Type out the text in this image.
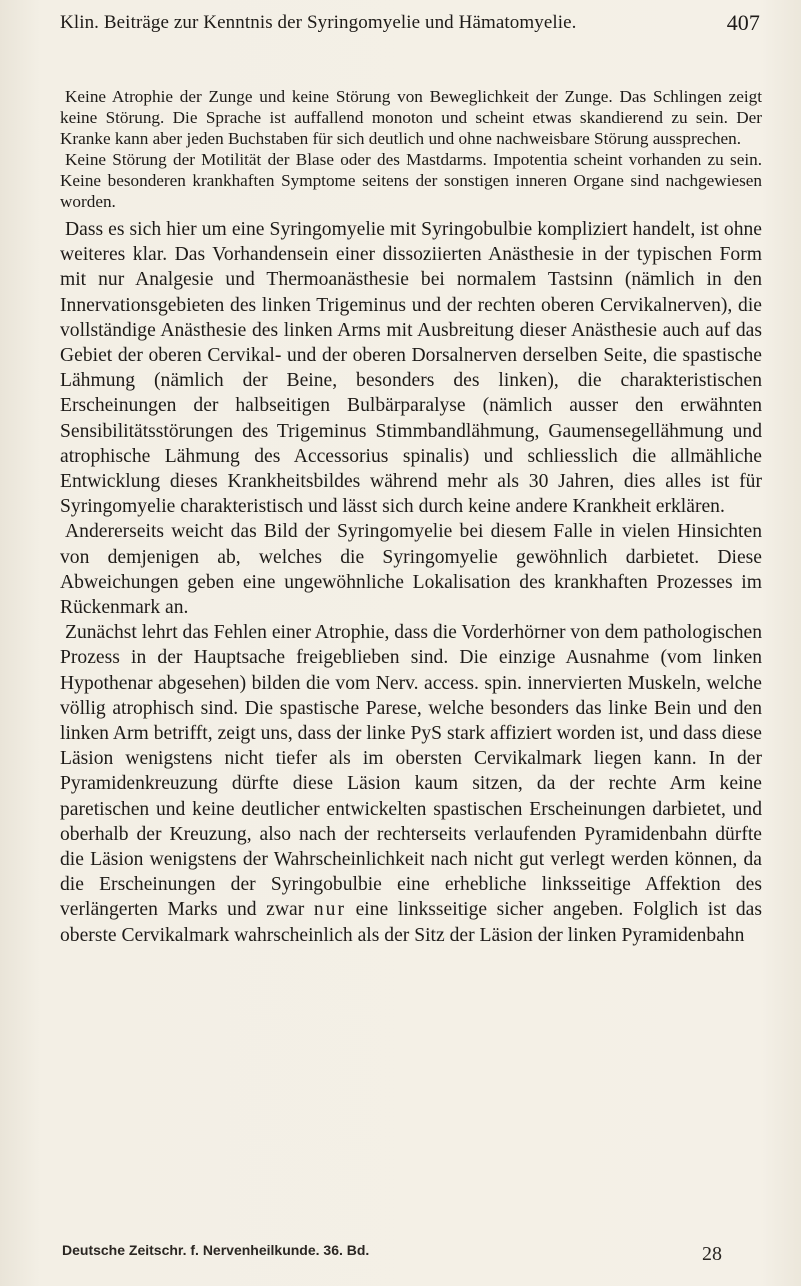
Klin. Beiträge zur Kenntnis der Syringomyelie und Hämatomyelie.	407

Keine Atrophie der Zunge und keine Störung von Beweglichkeit der Zunge. Das Schlingen zeigt keine Störung. Die Sprache ist auffallend monoton und scheint etwas skandierend zu sein. Der Kranke kann aber jeden Buchstaben für sich deutlich und ohne nachweisbare Störung aussprechen.

Keine Störung der Motilität der Blase oder des Mastdarms. Impotentia scheint vorhanden zu sein. Keine besonderen krankhaften Symptome seitens der sonstigen inneren Organe sind nachgewiesen worden.

Dass es sich hier um eine Syringomyelie mit Syringobulbie kompliziert handelt, ist ohne weiteres klar. Das Vorhandensein einer dissoziierten Anästhesie in der typischen Form mit nur Analgesie und Thermoanästhesie bei normalem Tastsinn (nämlich in den Innervationsgebieten des linken Trigeminus und der rechten oberen Cervikalnerven), die vollständige Anästhesie des linken Arms mit Ausbreitung dieser Anästhesie auch auf das Gebiet der oberen Cervikal- und der oberen Dorsalnerven derselben Seite, die spastische Lähmung (nämlich der Beine, besonders des linken), die charakteristischen Erscheinungen der halbseitigen Bulbärparalyse (nämlich ausser den erwähnten Sensibilitätsstörungen des Trigeminus Stimmbandlähmung, Gaumensegellähmung und atrophische Lähmung des Accessorius spinalis) und schliesslich die allmähliche Entwicklung dieses Krankheitsbildes während mehr als 30 Jahren, dies alles ist für Syringomyelie charakteristisch und lässt sich durch keine andere Krankheit erklären.

Andererseits weicht das Bild der Syringomyelie bei diesem Falle in vielen Hinsichten von demjenigen ab, welches die Syringomyelie gewöhnlich darbietet. Diese Abweichungen geben eine ungewöhnliche Lokalisation des krankhaften Prozesses im Rückenmark an.

Zunächst lehrt das Fehlen einer Atrophie, dass die Vorderhörner von dem pathologischen Prozess in der Hauptsache freigeblieben sind. Die einzige Ausnahme (vom linken Hypothenar abgesehen) bilden die vom Nerv. access. spin. innervierten Muskeln, welche völlig atrophisch sind. Die spastische Parese, welche besonders das linke Bein und den linken Arm betrifft, zeigt uns, dass der linke PyS stark affiziert worden ist, und dass diese Läsion wenigstens nicht tiefer als im obersten Cervikalmark liegen kann. In der Pyramidenkreuzung dürfte diese Läsion kaum sitzen, da der rechte Arm keine paretischen und keine deutlicher entwickelten spastischen Erscheinungen darbietet, und oberhalb der Kreuzung, also nach der rechterseits verlaufenden Pyramidenbahn dürfte die Läsion wenigstens der Wahrscheinlichkeit nach nicht gut verlegt werden können, da die Erscheinungen der Syringobulbie eine erhebliche linksseitige Affektion des verlängerten Marks und zwar nur eine linksseitige sicher angeben. Folglich ist das oberste Cervikalmark wahrscheinlich als der Sitz der Läsion der linken Pyramidenbahn

Deutsche Zeitschr. f. Nervenheilkunde. 36. Bd.	28
